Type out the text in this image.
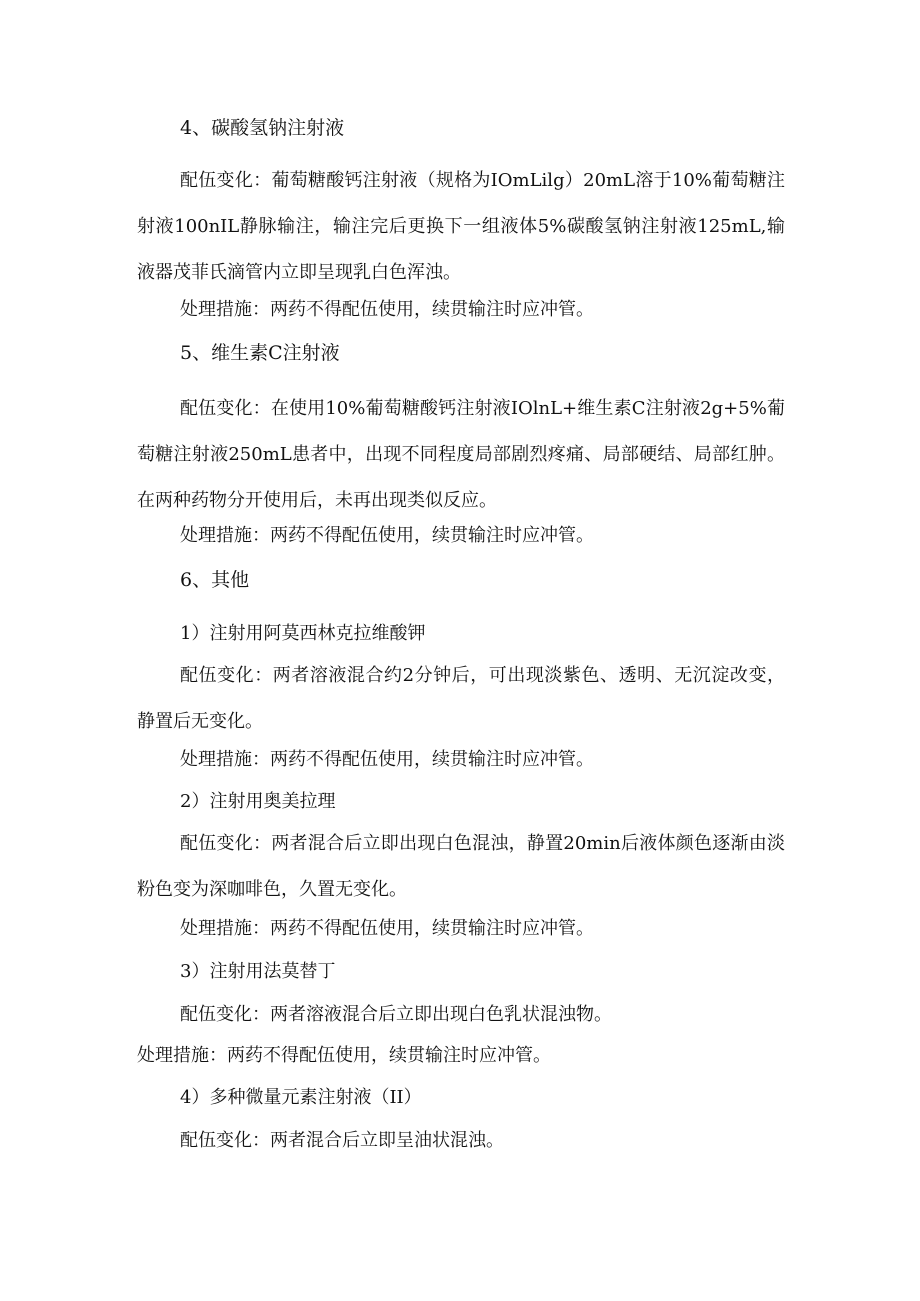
4、碳酸氢钠注射液
配伍变化：葡萄糖酸钙注射液（规格为IOmLilg）20mL溶于10%葡萄糖注射液100nIL静脉输注，输注完后更换下一组液体5%碳酸氢钠注射液125mL,输液器茂菲氏滴管内立即呈现乳白色浑浊。
处理措施：两药不得配伍使用，续贯输注时应冲管。
5、维生素C注射液
配伍变化：在使用10%葡萄糖酸钙注射液IOlnL+维生素C注射液2g+5%葡萄糖注射液250mL患者中，出现不同程度局部剧烈疼痛、局部硬结、局部红肿。在两种药物分开使用后，未再出现类似反应。
处理措施：两药不得配伍使用，续贯输注时应冲管。
6、其他
1）注射用阿莫西林克拉维酸钾
配伍变化：两者溶液混合约2分钟后，可出现淡紫色、透明、无沉淀改变，静置后无变化。
处理措施：两药不得配伍使用，续贯输注时应冲管。
2）注射用奥美拉理
配伍变化：两者混合后立即出现白色混浊，静置20min后液体颜色逐渐由淡粉色变为深咖啡色，久置无变化。
处理措施：两药不得配伍使用，续贯输注时应冲管。
3）注射用法莫替丁
配伍变化：两者溶液混合后立即出现白色乳状混浊物。
处理措施：两药不得配伍使用，续贯输注时应冲管。
4）多种微量元素注射液（II）
配伍变化：两者混合后立即呈油状混浊。
